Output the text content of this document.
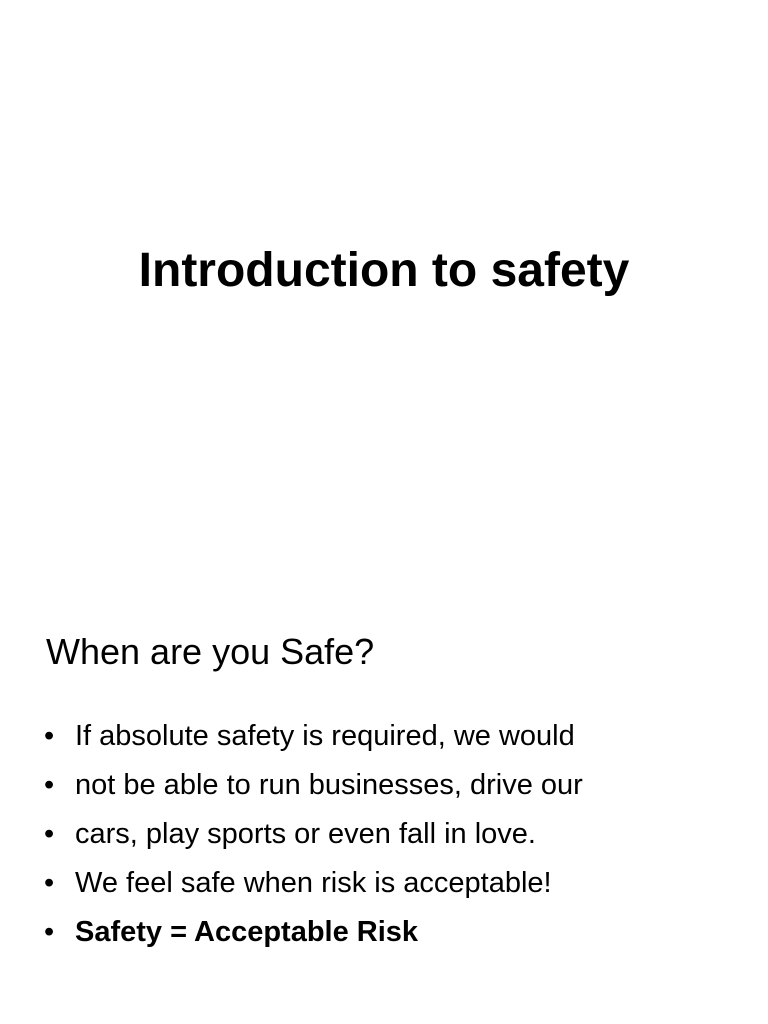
Introduction to safety
When are you Safe?
• If absolute safety is required, we would
• not be able to run businesses, drive our
• cars, play sports or even fall in love.
• We feel safe when risk is acceptable!
• Safety = Acceptable Risk
